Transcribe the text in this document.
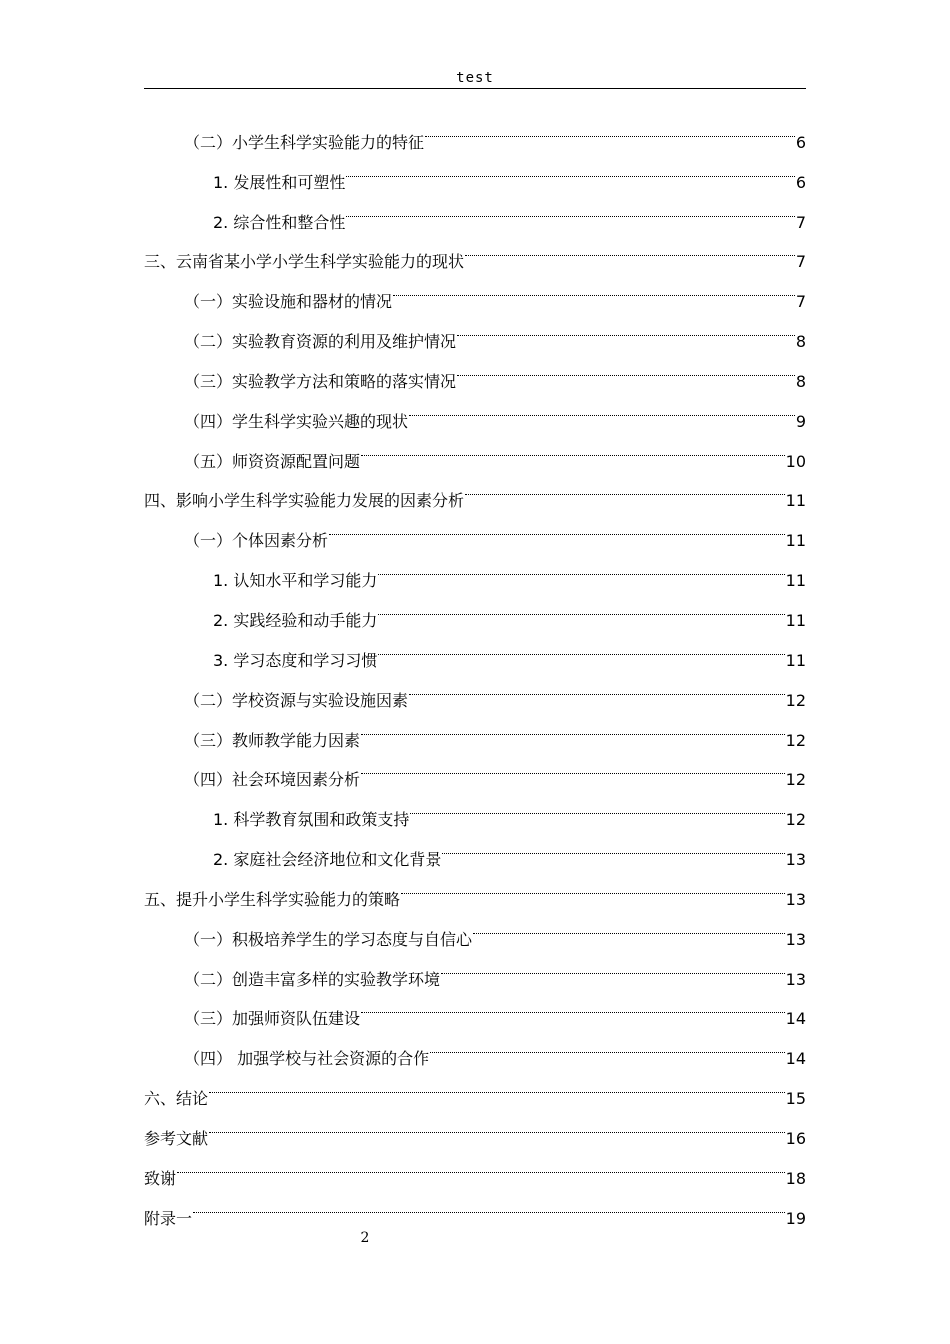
test
（二）小学生科学实验能力的特征	6
1. 发展性和可塑性	6
2. 综合性和整合性	7
三、云南省某小学小学生科学实验能力的现状	7
（一）实验设施和器材的情况	7
（二）实验教育资源的利用及维护情况	8
（三）实验教学方法和策略的落实情况	8
（四）学生科学实验兴趣的现状	9
（五）师资资源配置问题	10
四、影响小学生科学实验能力发展的因素分析	11
（一）个体因素分析	11
1. 认知水平和学习能力	11
2. 实践经验和动手能力	11
3. 学习态度和学习习惯	11
（二）学校资源与实验设施因素	12
（三）教师教学能力因素	12
（四）社会环境因素分析	12
1. 科学教育氛围和政策支持	12
2. 家庭社会经济地位和文化背景	13
五、提升小学生科学实验能力的策略	13
（一）积极培养学生的学习态度与自信心	13
（二）创造丰富多样的实验教学环境	13
（三）加强师资队伍建设	14
（四） 加强学校与社会资源的合作	14
六、结论	15
参考文献	16
致谢	18
附录一	19
2
